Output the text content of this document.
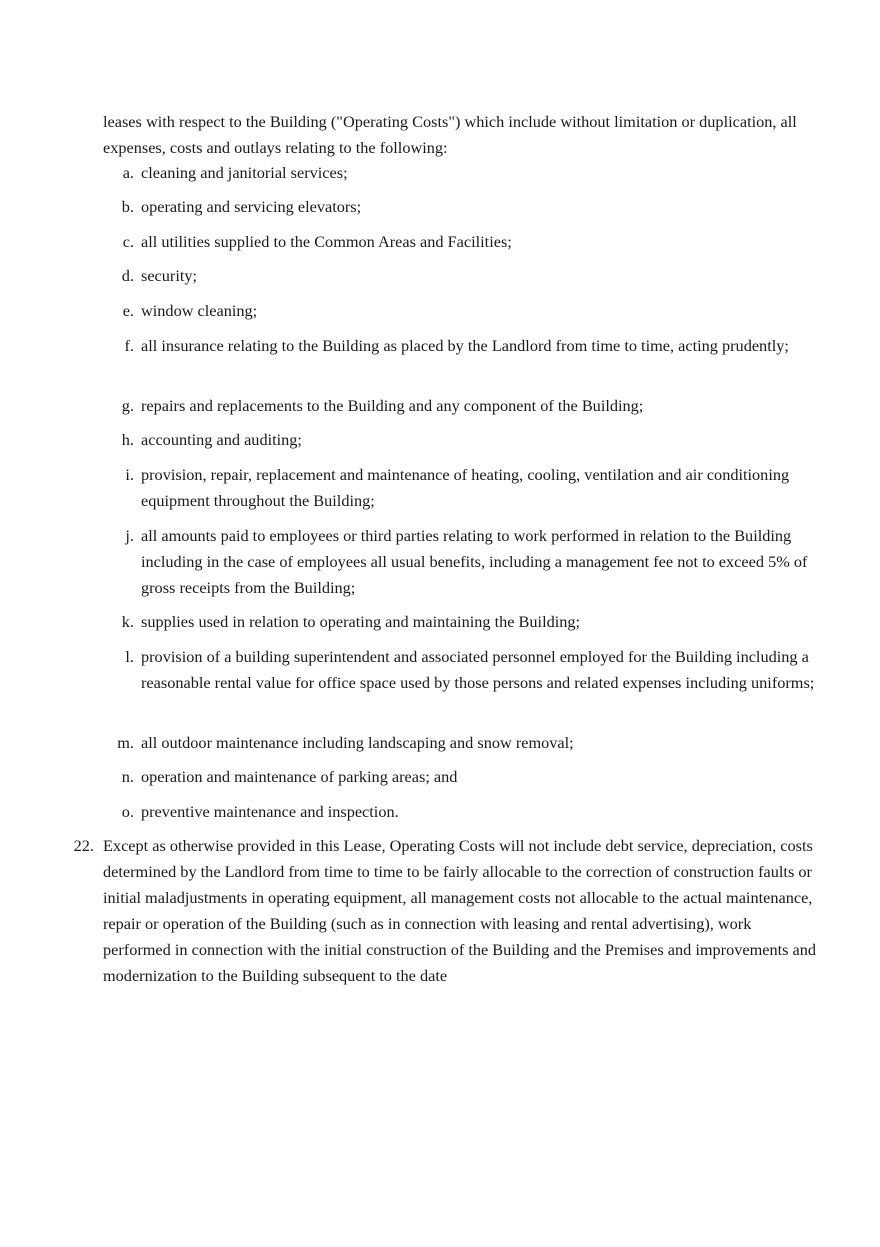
leases with respect to the Building ("Operating Costs") which include without limitation or duplication, all expenses, costs and outlays relating to the following:

a. cleaning and janitorial services;
b. operating and servicing elevators;
c. all utilities supplied to the Common Areas and Facilities;
d. security;
e. window cleaning;
f. all insurance relating to the Building as placed by the Landlord from time to time, acting prudently;
g. repairs and replacements to the Building and any component of the Building;
h. accounting and auditing;
i. provision, repair, replacement and maintenance of heating, cooling, ventilation and air conditioning equipment throughout the Building;
j. all amounts paid to employees or third parties relating to work performed in relation to the Building including in the case of employees all usual benefits, including a management fee not to exceed 5% of gross receipts from the Building;
k. supplies used in relation to operating and maintaining the Building;
l. provision of a building superintendent and associated personnel employed for the Building including a reasonable rental value for office space used by those persons and related expenses including uniforms;
m. all outdoor maintenance including landscaping and snow removal;
n. operation and maintenance of parking areas; and
o. preventive maintenance and inspection.
22. Except as otherwise provided in this Lease, Operating Costs will not include debt service, depreciation, costs determined by the Landlord from time to time to be fairly allocable to the correction of construction faults or initial maladjustments in operating equipment, all management costs not allocable to the actual maintenance, repair or operation of the Building (such as in connection with leasing and rental advertising), work performed in connection with the initial construction of the Building and the Premises and improvements and modernization to the Building subsequent to the date
